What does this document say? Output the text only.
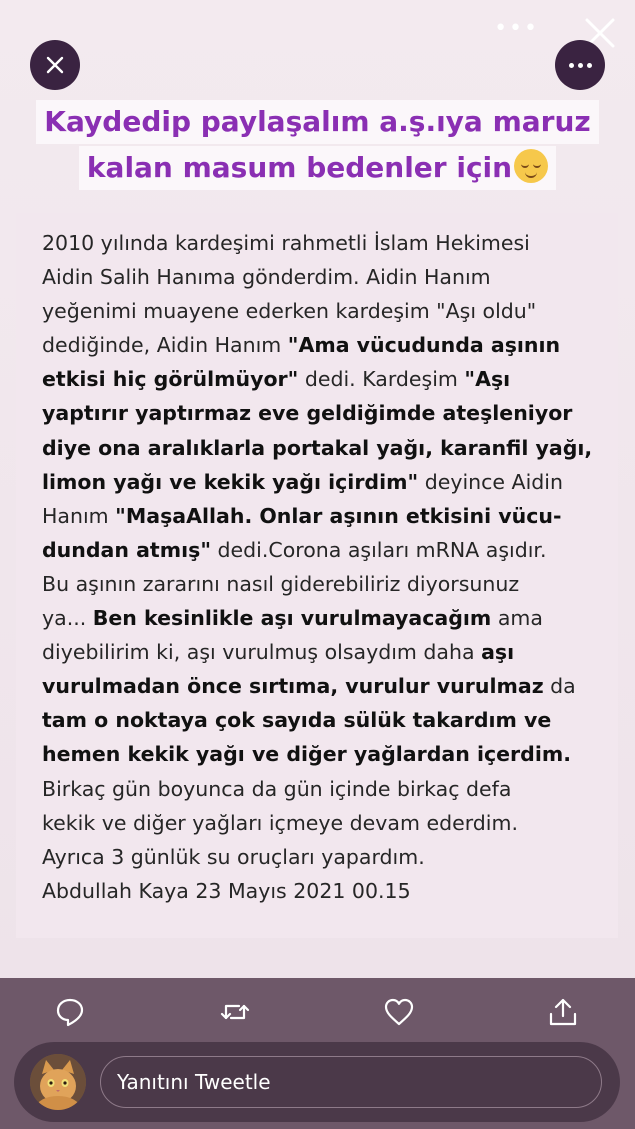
•••
Kaydedip paylaşalım a.ş.ıya maruz
kalan masum bedenler için
2010 yılında kardeşimi rahmetli İslam Hekimesi
Aidin Salih Hanıma gönderdim. Aidin Hanım
yeğenimi muayene ederken kardeşim "Aşı oldu"
dediğinde, Aidin Hanım "Ama vücudunda aşının
etkisi hiç görülmüyor" dedi. Kardeşim "Aşı
yaptırır yaptırmaz eve geldiğimde ateşleniyor
diye ona aralıklarla portakal yağı, karanfil yağı,
limon yağı ve kekik yağı içirdim" deyince Aidin
Hanım "MaşaAllah. Onlar aşının etkisini vücu-
dundan atmış" dedi.Corona aşıları mRNA aşıdır.
Bu aşının zararını nasıl giderebiliriz diyorsunuz
ya... Ben kesinlikle aşı vurulmayacağım ama
diyebilirim ki, aşı vurulmuş olsaydım daha aşı
vurulmadan önce sırtıma, vurulur vurulmaz da
tam o noktaya çok sayıda sülük takardım ve
hemen kekik yağı ve diğer yağlardan içerdim.
Birkaç gün boyunca da gün içinde birkaç defa
kekik ve diğer yağları içmeye devam ederdim.
Ayrıca 3 günlük su oruçları yapardım.
Abdullah Kaya 23 Mayıs 2021 00.15
Yanıtını Tweetle
